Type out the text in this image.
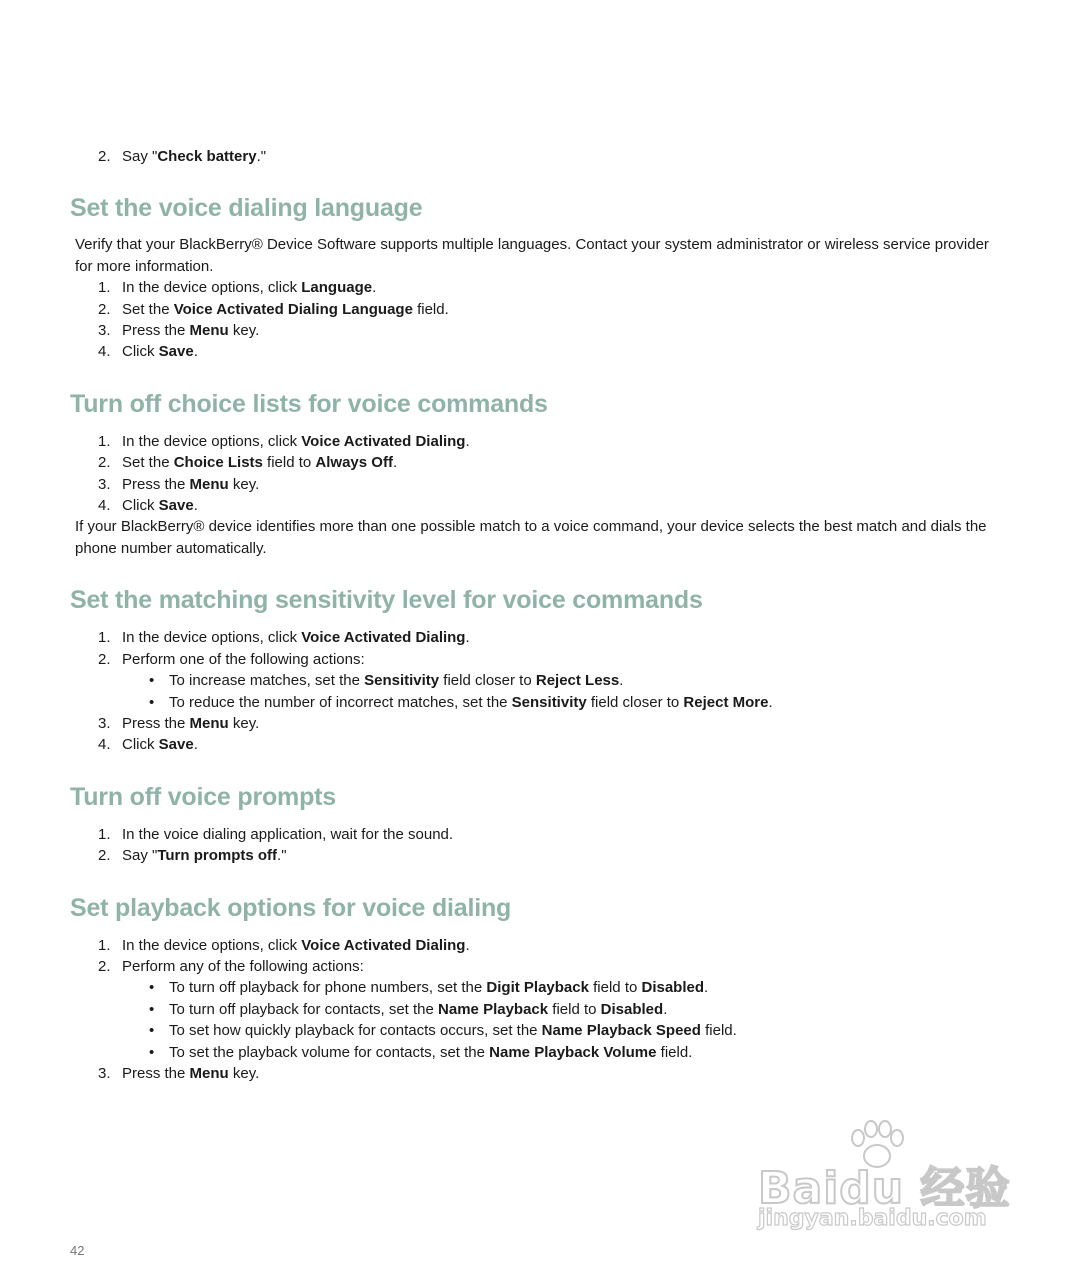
2. Say "Check battery."

Set the voice dialing language

Verify that your BlackBerry® Device Software supports multiple languages. Contact your system administrator or wireless service provider for more information.

1. In the device options, click Language.

2. Set the Voice Activated Dialing Language field.

3. Press the Menu key.

4. Click Save.

Turn off choice lists for voice commands

1. In the device options, click Voice Activated Dialing.

2. Set the Choice Lists field to Always Off.

3. Press the Menu key.

4. Click Save.

If your BlackBerry® device identifies more than one possible match to a voice command, your device selects the best match and dials the phone number automatically.

Set the matching sensitivity level for voice commands

1. In the device options, click Voice Activated Dialing.

2. Perform one of the following actions:

• To increase matches, set the Sensitivity field closer to Reject Less.

• To reduce the number of incorrect matches, set the Sensitivity field closer to Reject More.

3. Press the Menu key.

4. Click Save.

Turn off voice prompts

1. In the voice dialing application, wait for the sound.

2. Say "Turn prompts off."

Set playback options for voice dialing

1. In the device options, click Voice Activated Dialing.

2. Perform any of the following actions:

• To turn off playback for phone numbers, set the Digit Playback field to Disabled.

• To turn off playback for contacts, set the Name Playback field to Disabled.

• To set how quickly playback for contacts occurs, set the Name Playback Speed field.

• To set the playback volume for contacts, set the Name Playback Volume field.

3. Press the Menu key.

Baidu 经验
jingyan.baidu.com
42
